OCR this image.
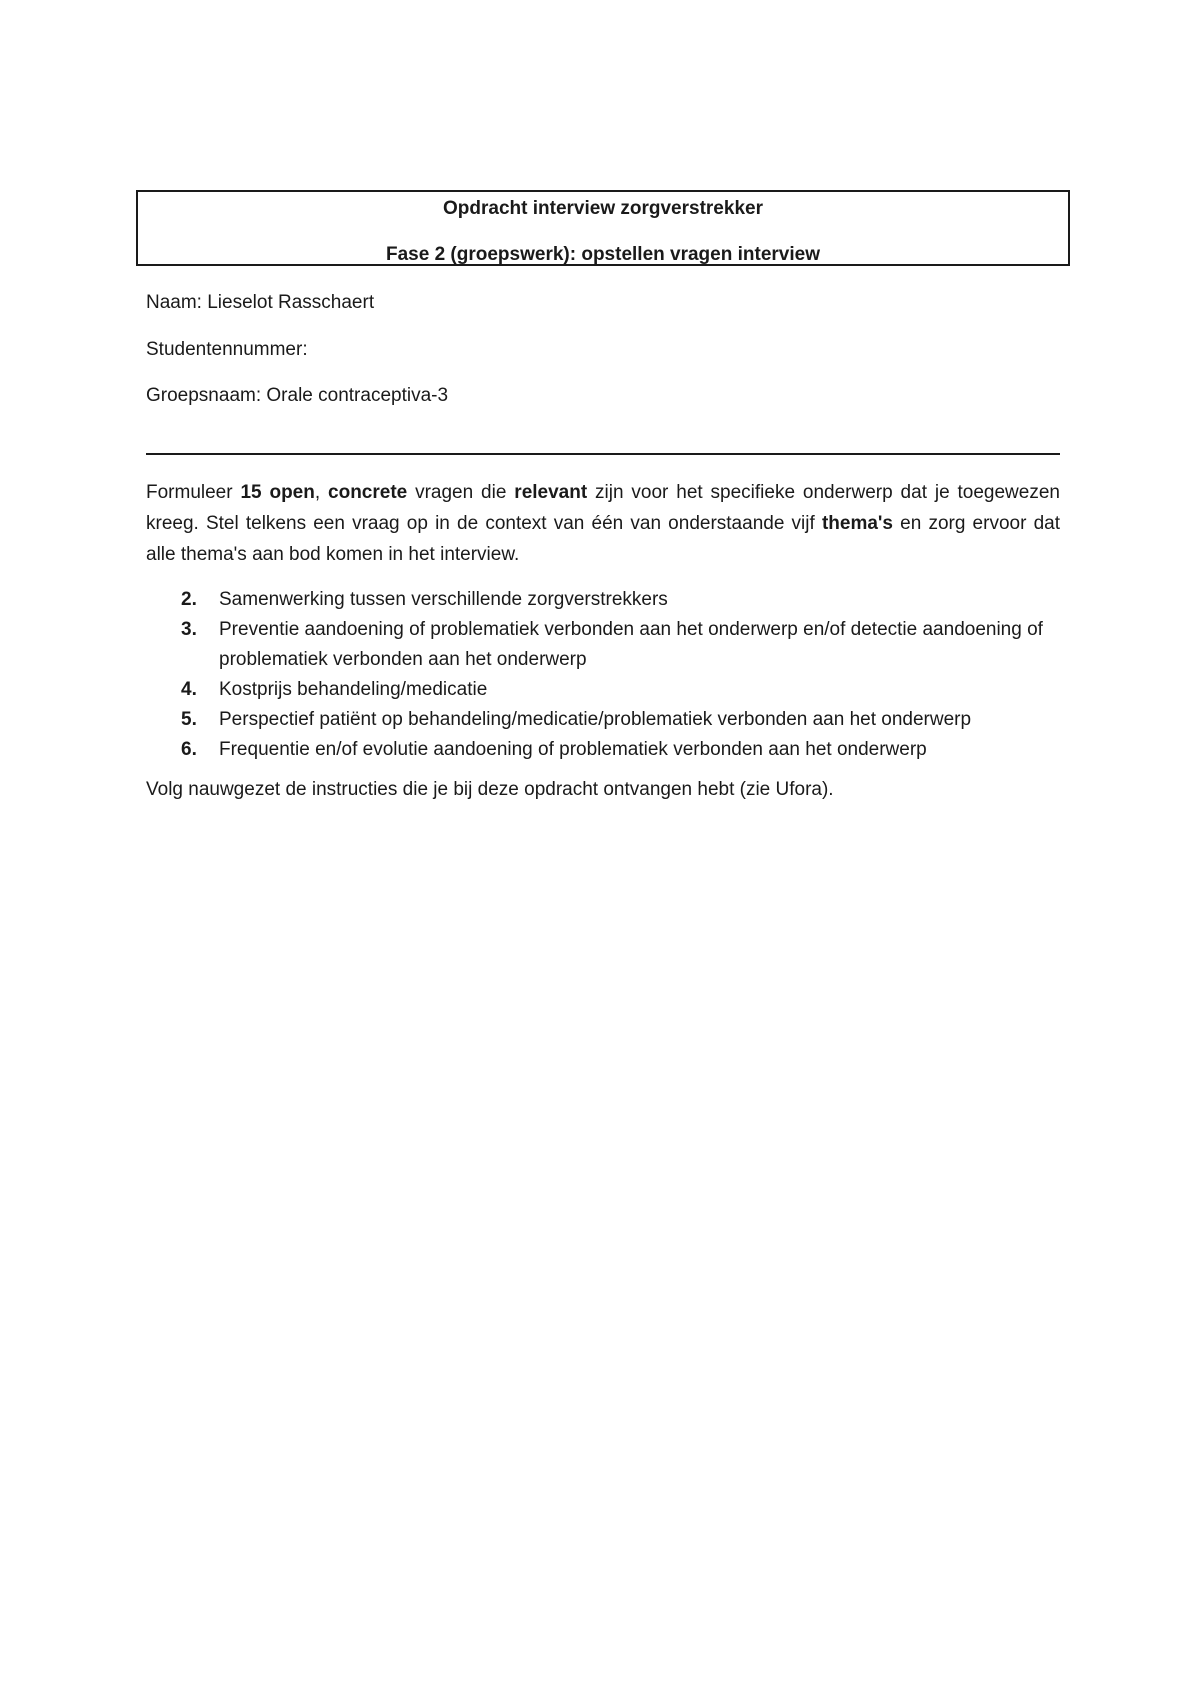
Opdracht interview zorgverstrekker
Fase 2 (groepswerk): opstellen vragen interview
Naam: Lieselot Rasschaert
Studentennummer:
Groepsnaam: Orale contraceptiva-3
Formuleer 15 open, concrete vragen die relevant zijn voor het specifieke onderwerp dat je toegewezen kreeg. Stel telkens een vraag op in de context van één van onderstaande vijf thema's en zorg ervoor dat alle thema's aan bod komen in het interview.
2. Samenwerking tussen verschillende zorgverstrekkers
3. Preventie aandoening of problematiek verbonden aan het onderwerp en/of detectie aandoening of problematiek verbonden aan het onderwerp
4. Kostprijs behandeling/medicatie
5. Perspectief patiënt op behandeling/medicatie/problematiek verbonden aan het onderwerp
6. Frequentie en/of evolutie aandoening of problematiek verbonden aan het onderwerp
Volg nauwgezet de instructies die je bij deze opdracht ontvangen hebt (zie Ufora).
